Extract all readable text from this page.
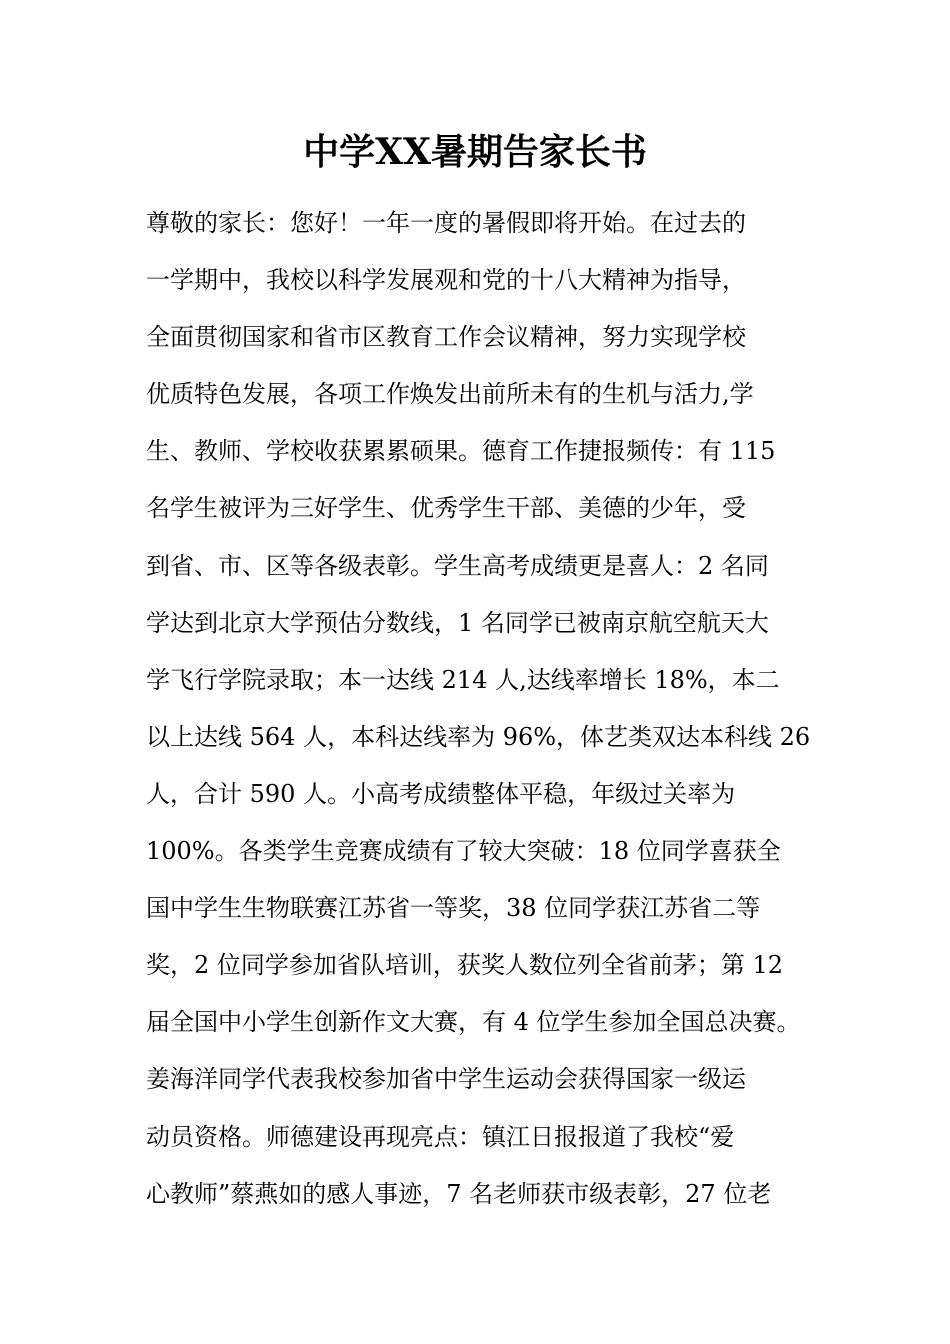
中学XX暑期告家长书
尊敬的家长：您好！一年一度的暑假即将开始。在过去的
一学期中，我校以科学发展观和党的十八大精神为指导，
全面贯彻国家和省市区教育工作会议精神，努力实现学校
优质特色发展，各项工作焕发出前所未有的生机与活力,学
生、教师、学校收获累累硕果。德育工作捷报频传：有 115
名学生被评为三好学生、优秀学生干部、美德的少年，受
到省、市、区等各级表彰。学生高考成绩更是喜人：2 名同
学达到北京大学预估分数线，1 名同学已被南京航空航天大
学飞行学院录取；本一达线 214 人,达线率增长 18%，本二
以上达线 564 人，本科达线率为 96%，体艺类双达本科线 26
人，合计 590 人。小高考成绩整体平稳，年级过关率为
100%。各类学生竞赛成绩有了较大突破：18 位同学喜获全
国中学生生物联赛江苏省一等奖，38 位同学获江苏省二等
奖，2 位同学参加省队培训，获奖人数位列全省前茅；第 12
届全国中小学生创新作文大赛，有 4 位学生参加全国总决赛。
姜海洋同学代表我校参加省中学生运动会获得国家一级运
动员资格。师德建设再现亮点：镇江日报报道了我校“爱
心教师”蔡燕如的感人事迹，7 名老师获市级表彰，27 位老
